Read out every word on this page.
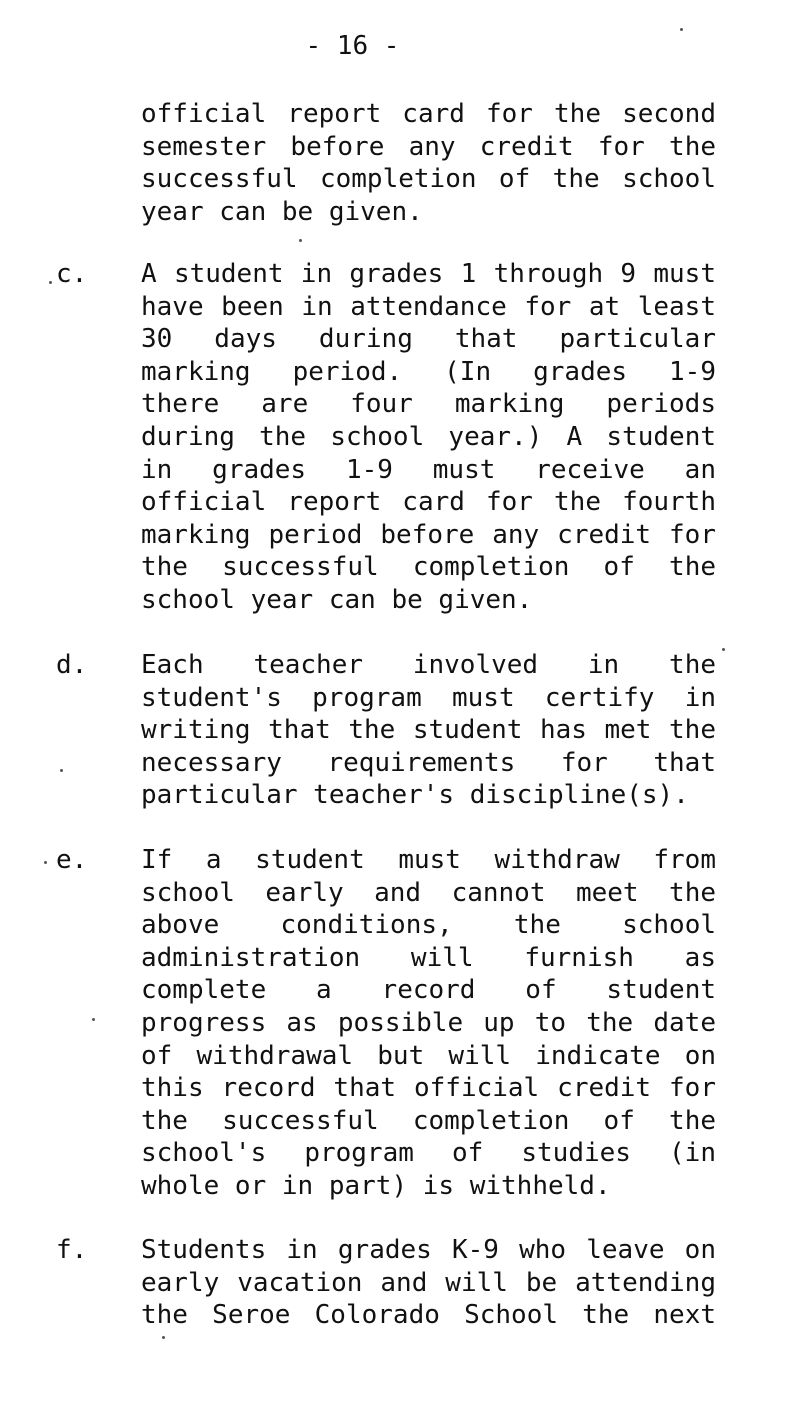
- 16 -
official report card for the second
semester before any credit for the
successful completion of the school
year can be given.
c. A student in grades 1 through 9 must
have been in attendance for at least
30 days during that particular
marking period. (In grades 1-9
there are four marking periods
during the school year.) A student
in grades 1-9 must receive an
official report card for the fourth
marking period before any credit for
the successful completion of the
school year can be given.
d. Each teacher involved in the
student's program must certify in
writing that the student has met the
necessary requirements for that
particular teacher's discipline(s).
e. If a student must withdraw from
school early and cannot meet the
above conditions, the school
administration will furnish as
complete a record of student
progress as possible up to the date
of withdrawal but will indicate on
this record that official credit for
the successful completion of the
school's program of studies (in
whole or in part) is withheld.
f. Students in grades K-9 who leave on
early vacation and will be attending
the Seroe Colorado School the next
